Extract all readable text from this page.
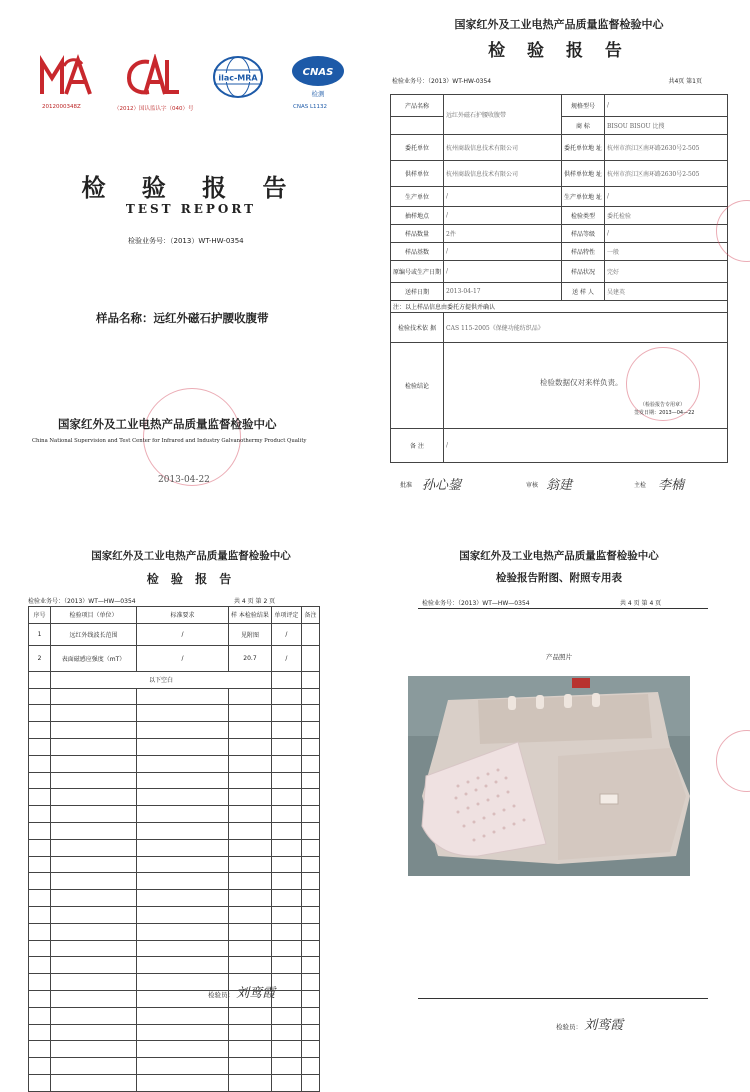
2012000348Z	（2012）国认监认字（040）号
ilac-MRA	CNAS
检测
CNAS L1132
检 验 报 告
TEST REPORT
检验业务号：（2013）WT-HW-0354
样品名称：远红外磁石护腰收腹带
国家红外及工业电热产品质量监督检验中心
China National Supervision and Test Center for Infrared and Industry Galvanothermy Product Quality
2013-04-22
国家红外及工业电热产品质量监督检验中心
检 验 报 告
检验业务号：（2013）WT-HW-0354	共4页 第1页
产品名称	远红外磁石护腰收腹带	规格型号	/
		商 标	BISOU BISOU 比搜
委托单位	杭州商载信息技术有限公司	委托单位地 址	杭州市滨江区南环路2630号2-505
供样单位	杭州商载信息技术有限公司	供样单位地 址	杭州市滨江区南环路2630号2-505
生产单位	/	生产单位地 址	/
抽样地点	/	检验类型	委托检验
样品数量	2件	样品等级	/
样品基数	/	样品特性	一般
原编号或生产日期	/	样品状况	完好
送样日期	2013-04-17	送 样 人	吴建英
注：以上样品信息由委托方提供并确认			
检验技术依 据	CAS 115-2005《保健功能纺织品》		
检验结论	检验数据仅对来样负责。
（检验报告专用章）
签发日期：2013—04—22		

备 注	/		
批准 孙心鋆	审核 翁建	主检 李楠
国家红外及工业电热产品质量监督检验中心
检 验 报 告
检验业务号：（2013）WT—HW—0354	共 4 页 第 2 页
序号	检验项目（单位）	标准要求	样 本检验结果	单项评定	备注
1	远红外线波长范围	/	见附图	/	
2	表面磁感应强度（mT）	/	20.7	/	
	以下空白				

检验员： 刘鸾霞
国家红外及工业电热产品质量监督检验中心
检验报告附图、附照专用表
检验业务号：（2013）WT—HW—0354	共 4 页 第 4 页
产品照片
检验员： 刘鸾霞
